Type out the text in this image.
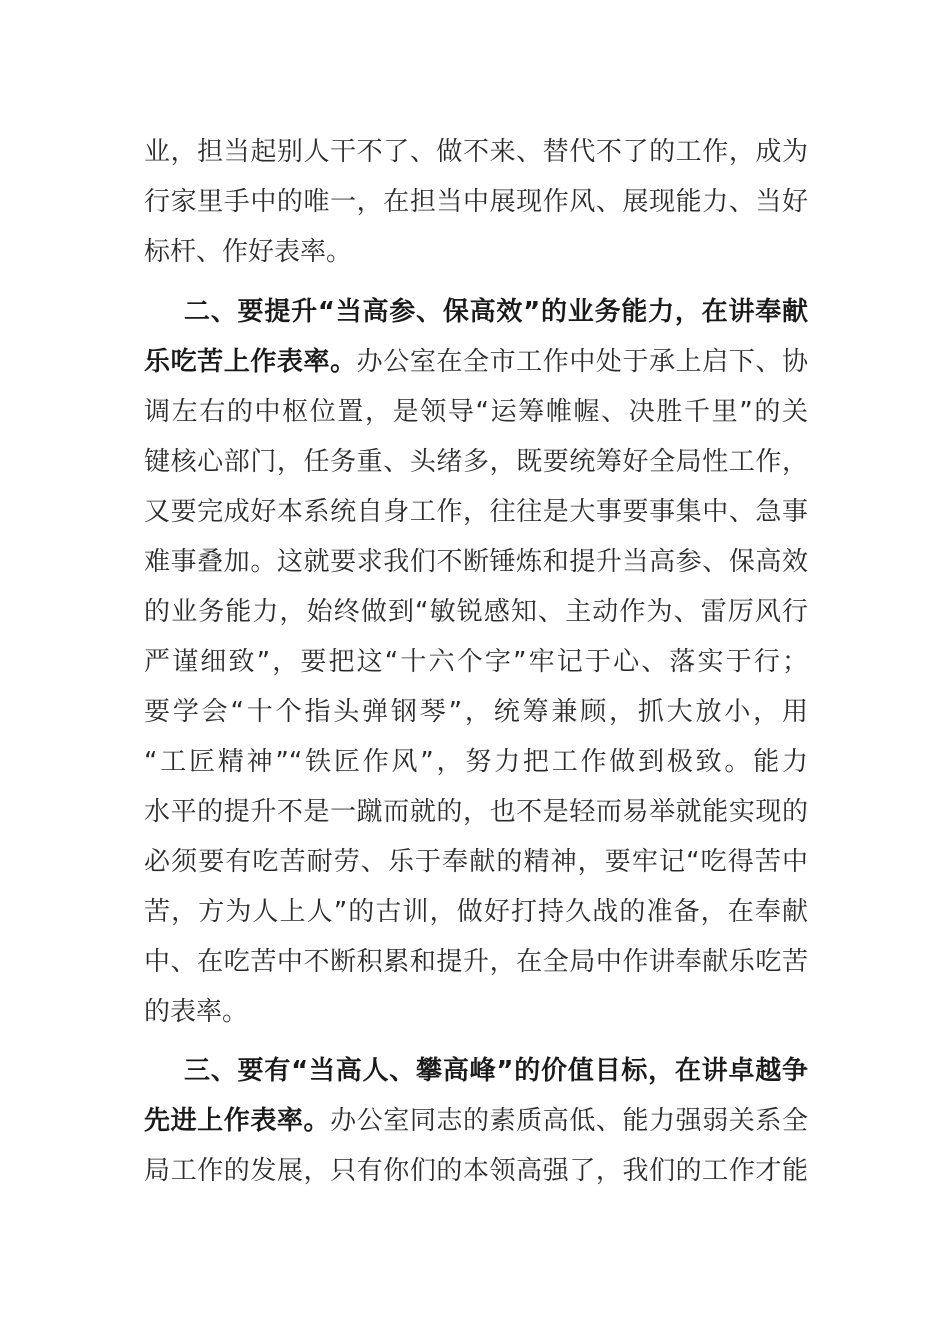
业，担当起别人干不了、做不来、替代不了的工作，成为
行家里手中的唯一，在担当中展现作风、展现能力、当好
标杆、作好表率。
二、要提升“当高参、保高效”的业务能力，在讲奉献
乐吃苦上作表率。办公室在全市工作中处于承上启下、协
调左右的中枢位置，是领导“运筹帷幄、决胜千里”的关
键核心部门，任务重、头绪多，既要统筹好全局性工作，
又要完成好本系统自身工作，往往是大事要事集中、急事
难事叠加。这就要求我们不断锤炼和提升当高参、保高效
的业务能力，始终做到“敏锐感知、主动作为、雷厉风行
严谨细致”，要把这“十六个字”牢记于心、落实于行；
要学会“十个指头弹钢琴”，统筹兼顾，抓大放小，用
“工匠精神”“铁匠作风”，努力把工作做到极致。能力
水平的提升不是一蹴而就的，也不是轻而易举就能实现的
必须要有吃苦耐劳、乐于奉献的精神，要牢记“吃得苦中
苦，方为人上人”的古训，做好打持久战的准备，在奉献
中、在吃苦中不断积累和提升，在全局中作讲奉献乐吃苦
的表率。
三、要有“当高人、攀高峰”的价值目标，在讲卓越争
先进上作表率。办公室同志的素质高低、能力强弱关系全
局工作的发展，只有你们的本领高强了，我们的工作才能
